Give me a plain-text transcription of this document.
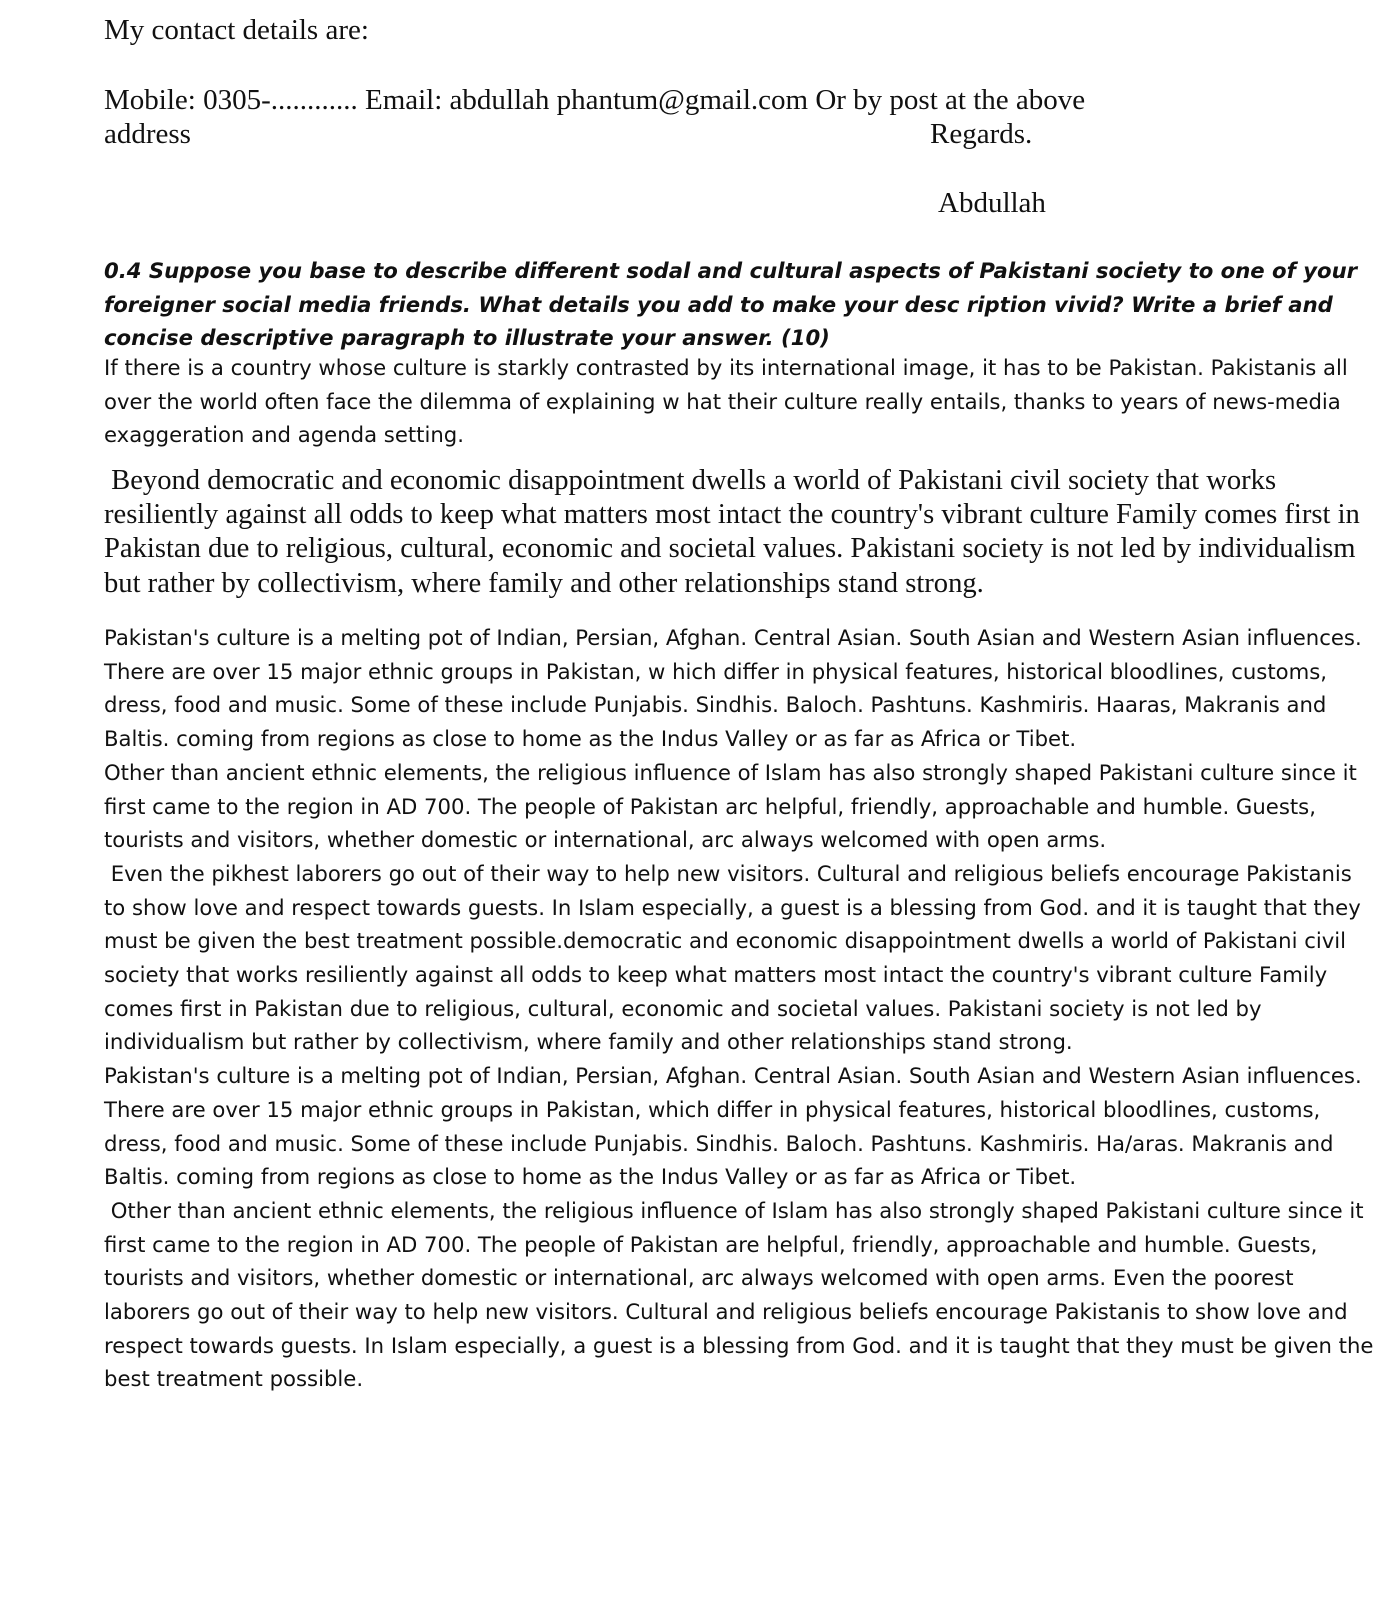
My contact details are:

Mobile: 0305-............ Email: abdullah phantum@gmail.com Or by post at the above

address	Regards.

Abdullah

0.4 Suppose you base to describe different sodal and cultural aspects of Pakistani society to one of your foreigner social media friends. What details you add to make your desc ription vivid? Write a brief and concise descriptive paragraph to illustrate your answer. (10)

If there is a country whose culture is starkly contrasted by its international image, it has to be Pakistan. Pakistanis all over the world often face the dilemma of explaining w hat their culture really entails, thanks to years of news-media exaggeration and agenda setting.
Beyond democratic and economic disappointment dwells a world of Pakistani civil society that works resiliently against all odds to keep what matters most intact the country's vibrant culture Family comes first in Pakistan due to religious, cultural, economic and societal values. Pakistani society is not led by individualism but rather by collectivism, where family and other relationships stand strong.
Pakistan's culture is a melting pot of Indian, Persian, Afghan. Central Asian. South Asian and Western Asian influences.
There are over 15 major ethnic groups in Pakistan, w hich differ in physical features, historical bloodlines, customs, dress, food and music. Some of these include Punjabis. Sindhis. Baloch. Pashtuns. Kashmiris. Haaras, Makranis and Baltis. coming from regions as close to home as the Indus Valley or as far as Africa or Tibet.
Other than ancient ethnic elements, the religious influence of Islam has also strongly shaped Pakistani culture since it first came to the region in AD 700. The people of Pakistan arc helpful, friendly, approachable and humble. Guests, tourists and visitors, whether domestic or international, arc always welcomed with open arms.
Even the pikhest laborers go out of their way to help new visitors. Cultural and religious beliefs encourage Pakistanis to show love and respect towards guests. In Islam especially, a guest is a blessing from God. and it is taught that they must be given the best treatment possible.democratic and economic disappointment dwells a world of Pakistani civil society that works resiliently against all odds to keep what matters most intact the country's vibrant culture Family comes first in Pakistan due to religious, cultural, economic and societal values. Pakistani society is not led by individualism but rather by collectivism, where family and other relationships stand strong.
Pakistan's culture is a melting pot of Indian, Persian, Afghan. Central Asian. South Asian and Western Asian influences. There are over 15 major ethnic groups in Pakistan, which differ in physical features, historical bloodlines, customs, dress, food and music. Some of these include Punjabis. Sindhis. Baloch. Pashtuns. Kashmiris. Ha/aras. Makranis and Baltis. coming from regions as close to home as the Indus Valley or as far as Africa or Tibet.
Other than ancient ethnic elements, the religious influence of Islam has also strongly shaped Pakistani culture since it first came to the region in AD 700. The people of Pakistan are helpful, friendly, approachable and humble. Guests, tourists and visitors, whether domestic or international, arc always welcomed with open arms. Even the poorest laborers go out of their way to help new visitors. Cultural and religious beliefs encourage Pakistanis to show love and respect towards guests. In Islam especially, a guest is a blessing from God. and it is taught that they must be given the best treatment possible.
